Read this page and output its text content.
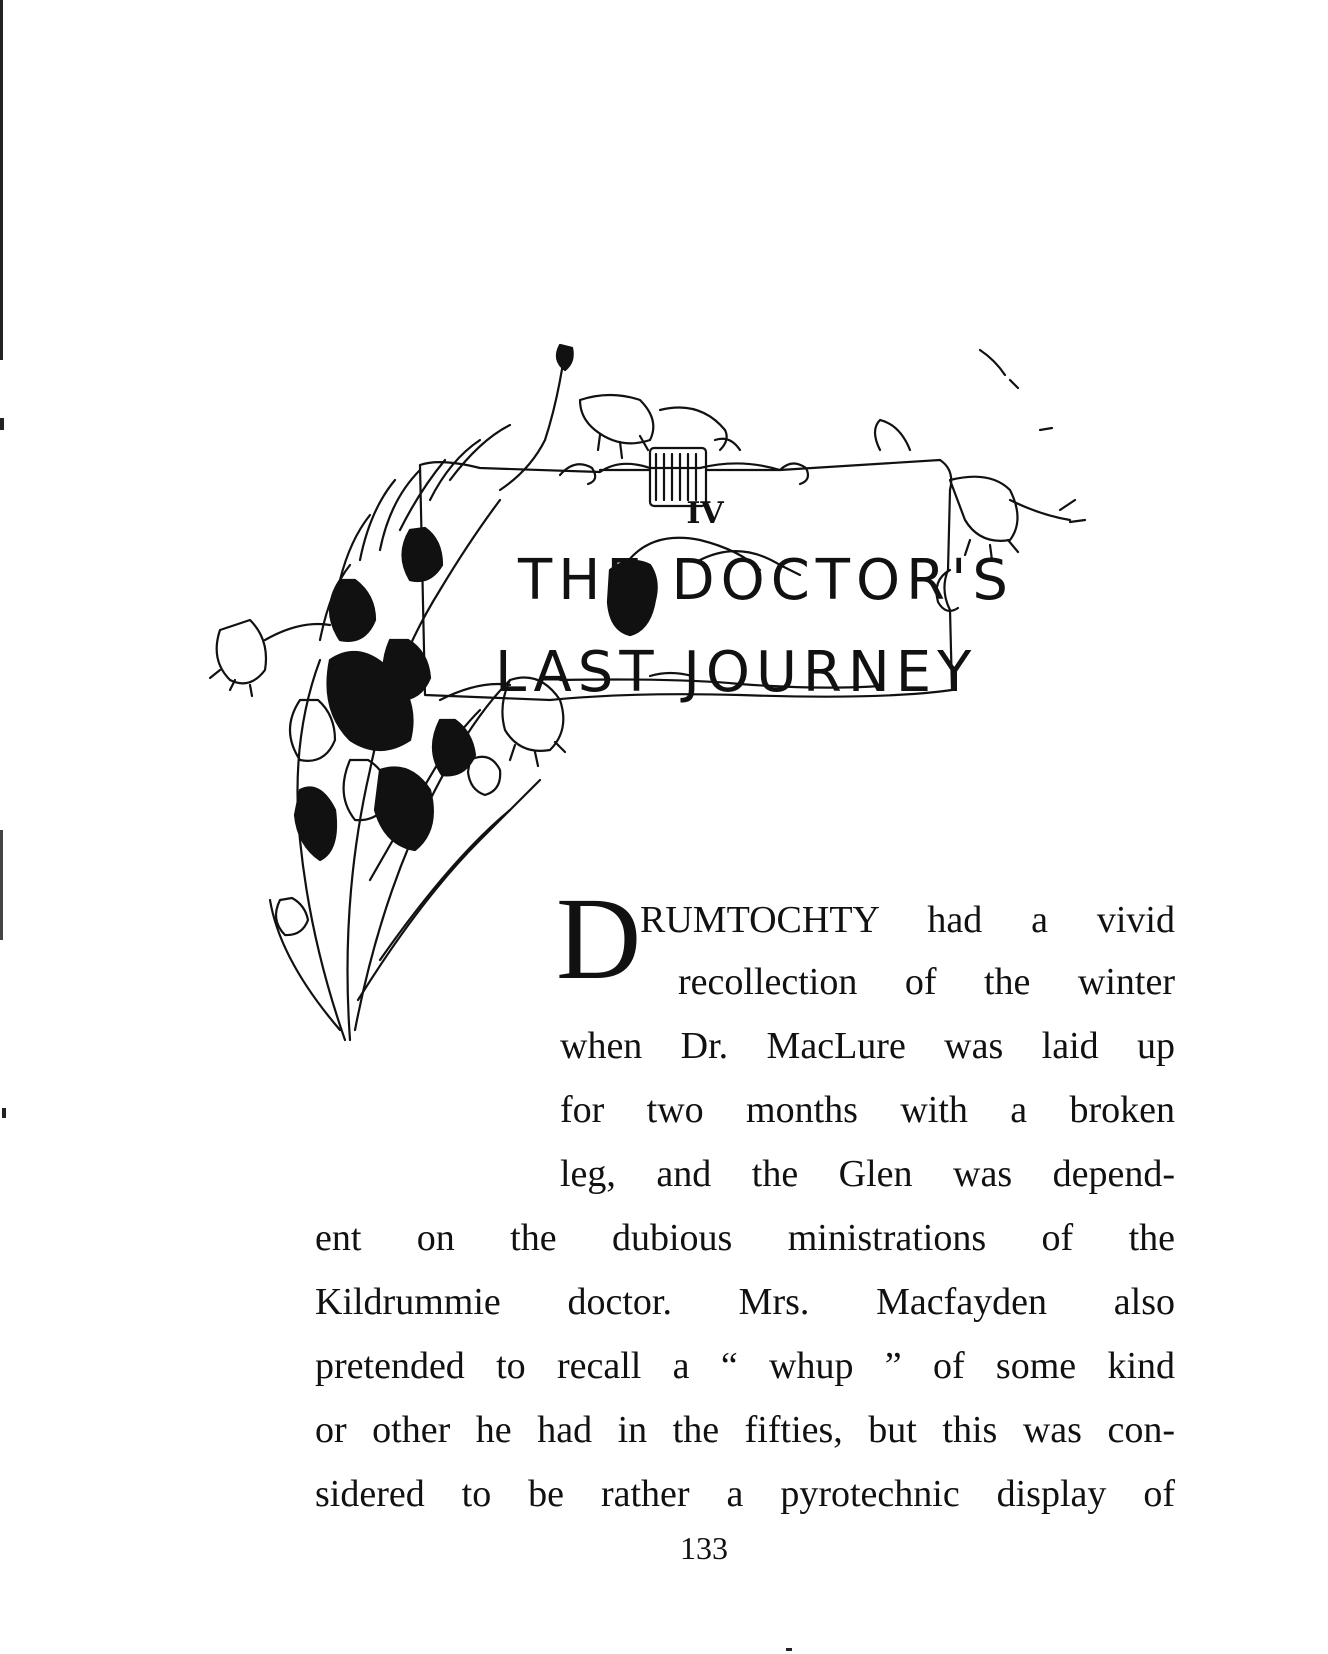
IV
THE DOCTOR'S
LAST JOURNEY
D
RUMTOCHTY had a vivid
recollection of the winter
when Dr. MacLure was laid up
for two months with a broken
leg, and the Glen was depend-
ent on the dubious ministrations of the
Kildrummie doctor. Mrs. Macfayden also
pretended to recall a “ whup ” of some kind
or other he had in the fifties, but this was con-
sidered to be rather a pyrotechnic display of
133
